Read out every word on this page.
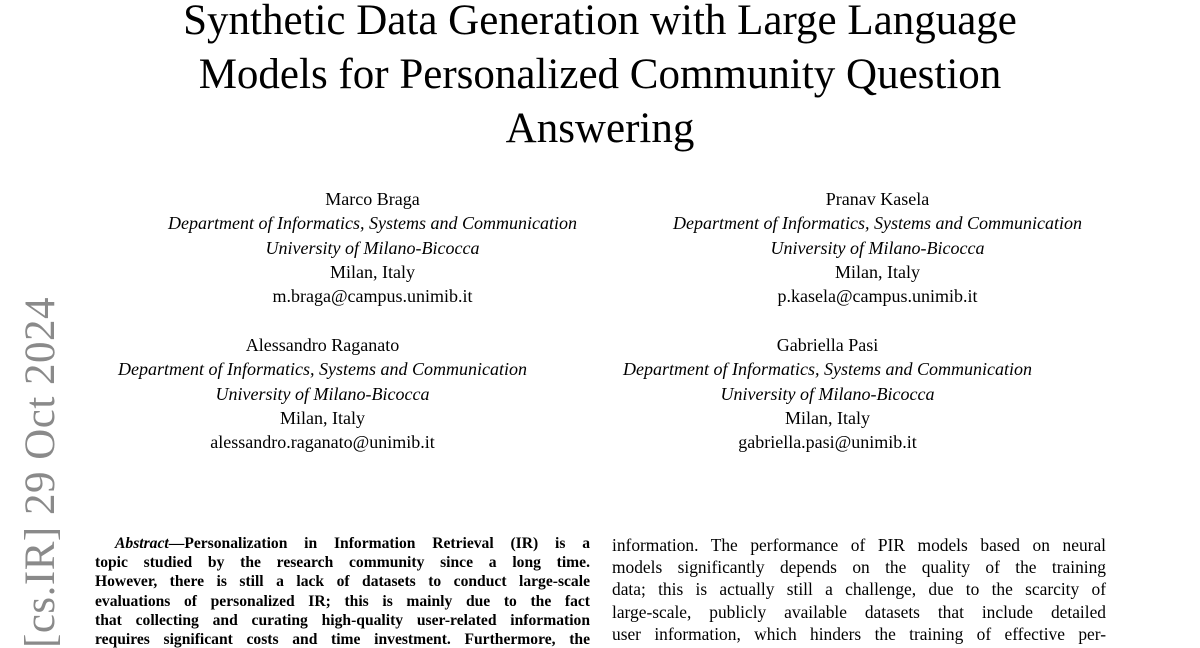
[cs.IR] 29 Oct 2024
Synthetic Data Generation with Large Language
Models for Personalized Community Question
Answering
Marco Braga
Department of Informatics, Systems and Communication
University of Milano-Bicocca
Milan, Italy
m.braga@campus.unimib.it
Pranav Kasela
Department of Informatics, Systems and Communication
University of Milano-Bicocca
Milan, Italy
p.kasela@campus.unimib.it
Alessandro Raganato
Department of Informatics, Systems and Communication
University of Milano-Bicocca
Milan, Italy
alessandro.raganato@unimib.it
Gabriella Pasi
Department of Informatics, Systems and Communication
University of Milano-Bicocca
Milan, Italy
gabriella.pasi@unimib.it
Abstract—Personalization in Information Retrieval (IR) is a
topic studied by the research community since a long time.
However, there is still a lack of datasets to conduct large-scale
evaluations of personalized IR; this is mainly due to the fact
that collecting and curating high-quality user-related information
requires significant costs and time investment. Furthermore, the
information. The performance of PIR models based on neural
models significantly depends on the quality of the training
data; this is actually still a challenge, due to the scarcity of
large-scale, publicly available datasets that include detailed
user information, which hinders the training of effective per-
